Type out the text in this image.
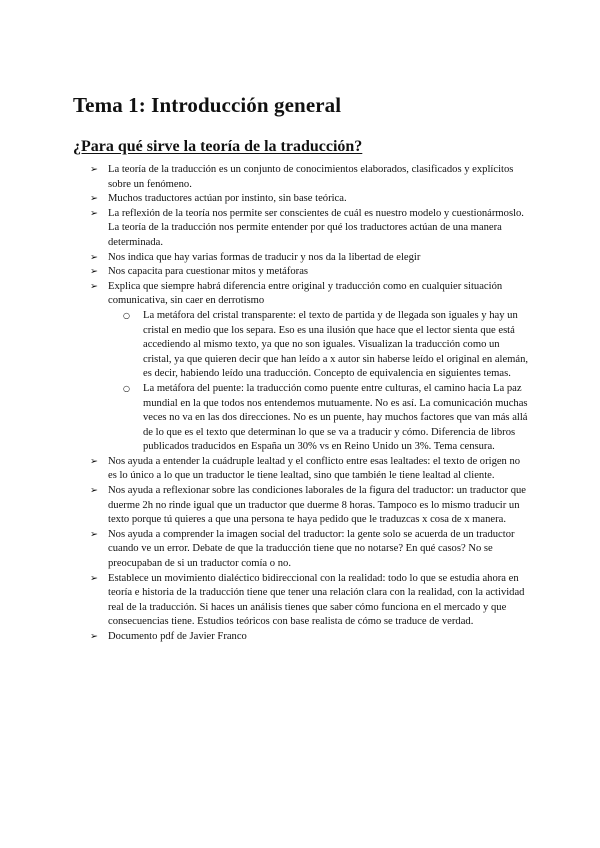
Tema 1: Introducción general
¿Para qué sirve la teoría de la traducción?
➢ La teoría de la traducción es un conjunto de conocimientos elaborados, clasificados y explícitos sobre un fenómeno.
➢ Muchos traductores actúan por instinto, sin base teórica.
➢ La reflexión de la teoría nos permite ser conscientes de cuál es nuestro modelo y cuestionármoslo. La teoría de la traducción nos permite entender por qué los traductores actúan de una manera determinada.
➢ Nos indica que hay varias formas de traducir y nos da la libertad de elegir
➢ Nos capacita para cuestionar mitos y metáforas
➢ Explica que siempre habrá diferencia entre original y traducción como en cualquier situación comunicativa, sin caer en derrotismo
○ La metáfora del cristal transparente: el texto de partida y de llegada son iguales y hay un cristal en medio que los separa. Eso es una ilusión que hace que el lector sienta que está accediendo al mismo texto, ya que no son iguales. Visualizan la traducción como un cristal, ya que quieren decir que han leído a x autor sin haberse leído el original en alemán, es decir, habiendo leído una traducción. Concepto de equivalencia en siguientes temas.
○ La metáfora del puente: la traducción como puente entre culturas, el camino hacia La paz mundial en la que todos nos entendemos mutuamente. No es así. La comunicación muchas veces no va en las dos direcciones. No es un puente, hay muchos factores que van más allá de lo que es el texto que determinan lo que se va a traducir y cómo. Diferencia de libros publicados traducidos en España un 30% vs en Reino Unido un 3%. Tema censura.
➢ Nos ayuda a entender la cuádruple lealtad y el conflicto entre esas lealtades: el texto de origen no es lo único a lo que un traductor le tiene lealtad, sino que también le tiene lealtad al cliente.
➢ Nos ayuda a reflexionar sobre las condiciones laborales de la figura del traductor: un traductor que duerme 2h no rinde igual que un traductor que duerme 8 horas. Tampoco es lo mismo traducir un texto porque tú quieres a que una persona te haya pedido que le traduzcas x cosa de x manera.
➢ Nos ayuda a comprender la imagen social del traductor: la gente solo se acuerda de un traductor cuando ve un error. Debate de que la traducción tiene que no notarse? En qué casos? No se preocupaban de si un traductor comía o no.
➢ Establece un movimiento dialéctico bidireccional con la realidad: todo lo que se estudia ahora en teoría e historia de la traducción tiene que tener una relación clara con la realidad, con la actividad real de la traducción. Si haces un análisis tienes que saber cómo funciona en el mercado y que consecuencias tiene. Estudios teóricos con base realista de cómo se traduce de verdad.
➢ Documento pdf de Javier Franco
